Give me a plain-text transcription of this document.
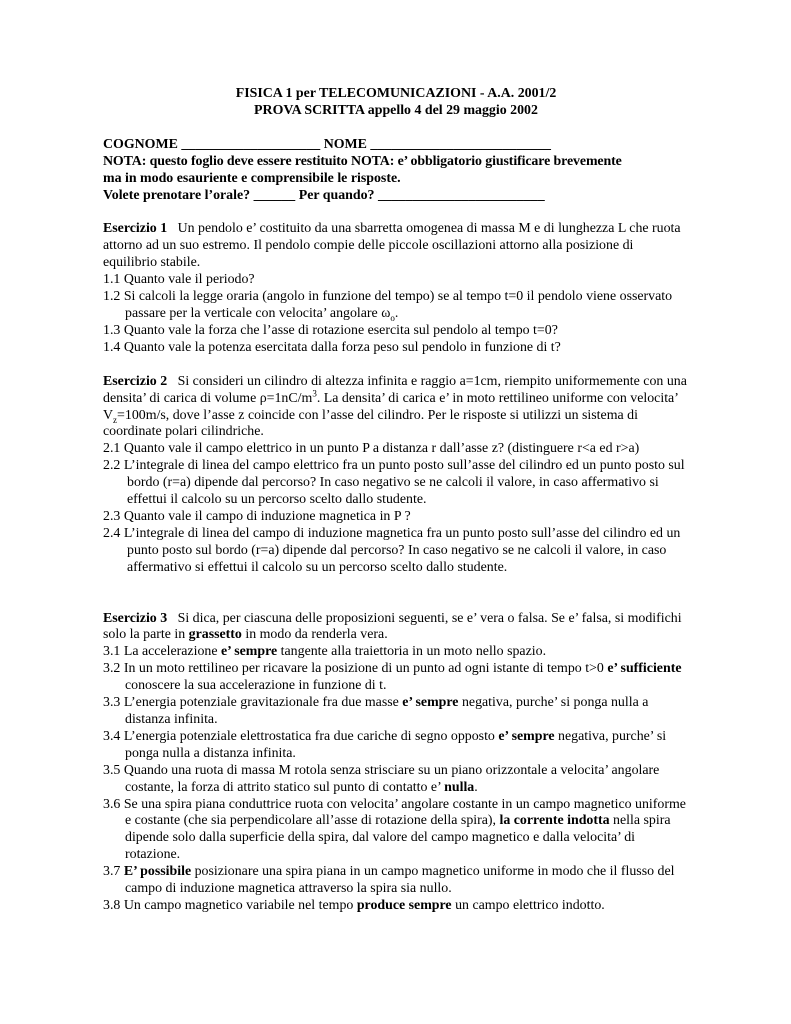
FISICA 1 per TELECOMUNICAZIONI - A.A. 2001/2

PROVA SCRITTA appello 4 del 29 maggio 2002

COGNOME ____________________ NOME __________________________

NOTA: questo foglio deve essere restituito NOTA: e’ obbligatorio giustificare brevemente

ma in modo esauriente e comprensibile le risposte.

Volete prenotare l’orale? ______ Per quando? ________________________

Esercizio 1 Un pendolo e’ costituito da una sbarretta omogenea di massa M e di lunghezza L che ruota attorno ad un suo estremo. Il pendolo compie delle piccole oscillazioni attorno alla posizione di equilibrio stabile.

1.1 Quanto vale il periodo?

1.2 Si calcoli la legge oraria (angolo in funzione del tempo) se al tempo t=0 il pendolo viene osservato passare per la verticale con velocita’ angolare $\omega_o$.

1.3 Quanto vale la forza che l’asse di rotazione esercita sul pendolo al tempo t=0?

1.4 Quanto vale la potenza esercitata dalla forza peso sul pendolo in funzione di t?

Esercizio 2 Si consideri un cilindro di altezza infinita e raggio a=1cm, riempito uniformemente con una densita’ di carica di volume $\rho=1nC/m^3$. La densita’ di carica e’ in moto rettilineo uniforme con velocita’ $V_z=100m/s$, dove l’asse z coincide con l’asse del cilindro. Per le risposte si utilizzi un sistema di coordinate polari cilindriche.

2.1 Quanto vale il campo elettrico in un punto P a distanza r dall’asse z? (distinguere r<a ed r>a)

2.2 L’integrale di linea del campo elettrico fra un punto posto sull’asse del cilindro ed un punto posto sul bordo (r=a) dipende dal percorso? In caso negativo se ne calcoli il valore, in caso affermativo si effettui il calcolo su un percorso scelto dallo studente.

2.3 Quanto vale il campo di induzione magnetica in P ?

2.4 L’integrale di linea del campo di induzione magnetica fra un punto posto sull’asse del cilindro ed un punto posto sul bordo (r=a) dipende dal percorso? In caso negativo se ne calcoli il valore, in caso affermativo si effettui il calcolo su un percorso scelto dallo studente.

Esercizio 3 Si dica, per ciascuna delle proposizioni seguenti, se e’ vera o falsa. Se e’ falsa, si modifichi solo la parte in grassetto in modo da renderla vera.

3.1 La accelerazione e’ sempre tangente alla traiettoria in un moto nello spazio.

3.2 In un moto rettilineo per ricavare la posizione di un punto ad ogni istante di tempo t>0 e’ sufficiente conoscere la sua accelerazione in funzione di t.

3.3 L’energia potenziale gravitazionale fra due masse e’ sempre negativa, purche’ si ponga nulla a distanza infinita.

3.4 L’energia potenziale elettrostatica fra due cariche di segno opposto e’ sempre negativa, purche’ si ponga nulla a distanza infinita.

3.5 Quando una ruota di massa M rotola senza strisciare su un piano orizzontale a velocita’ angolare costante, la forza di attrito statico sul punto di contatto e’ nulla.

3.6 Se una spira piana conduttrice ruota con velocita’ angolare costante in un campo magnetico uniforme e costante (che sia perpendicolare all’asse di rotazione della spira), la corrente indotta nella spira dipende solo dalla superficie della spira, dal valore del campo magnetico e dalla velocita’ di rotazione.

3.7 E’ possibile posizionare una spira piana in un campo magnetico uniforme in modo che il flusso del campo di induzione magnetica attraverso la spira sia nullo.

3.8 Un campo magnetico variabile nel tempo produce sempre un campo elettrico indotto.
